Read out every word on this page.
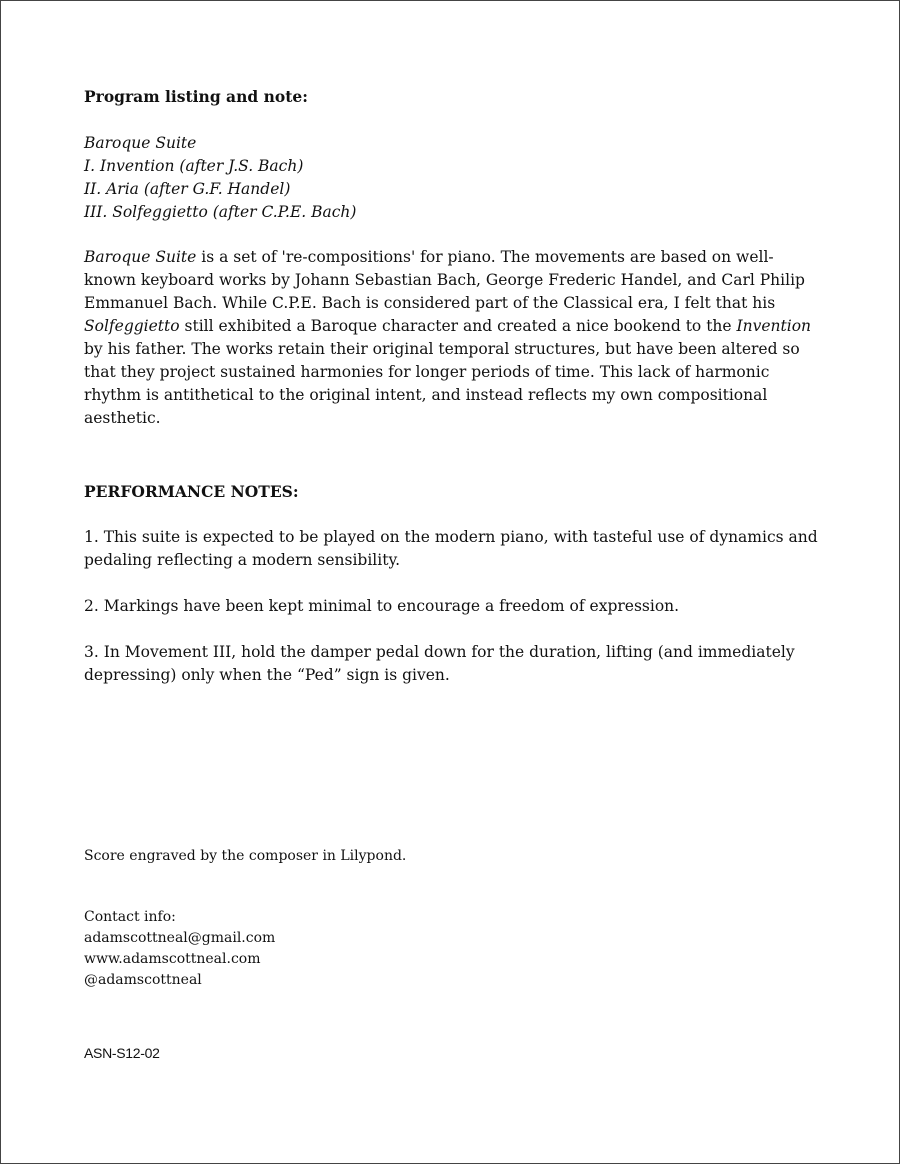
Program listing and note:
Baroque Suite
I. Invention (after J.S. Bach)
II. Aria (after G.F. Handel)
III. Solfeggietto (after C.P.E. Bach)
Baroque Suite is a set of 're-compositions' for piano. The movements are based on well-known keyboard works by Johann Sebastian Bach, George Frederic Handel, and Carl Philip Emmanuel Bach. While C.P.E. Bach is considered part of the Classical era, I felt that his Solfeggietto still exhibited a Baroque character and created a nice bookend to the Invention by his father. The works retain their original temporal structures, but have been altered so that they project sustained harmonies for longer periods of time. This lack of harmonic rhythm is antithetical to the original intent, and instead reflects my own compositional aesthetic.
PERFORMANCE NOTES:
1. This suite is expected to be played on the modern piano, with tasteful use of dynamics and pedaling reflecting a modern sensibility.
2. Markings have been kept minimal to encourage a freedom of expression.
3. In Movement III, hold the damper pedal down for the duration, lifting (and immediately depressing) only when the “Ped” sign is given.
Score engraved by the composer in Lilypond.
Contact info:
adamscottneal@gmail.com
www.adamscottneal.com
@adamscottneal
ASN-S12-02
